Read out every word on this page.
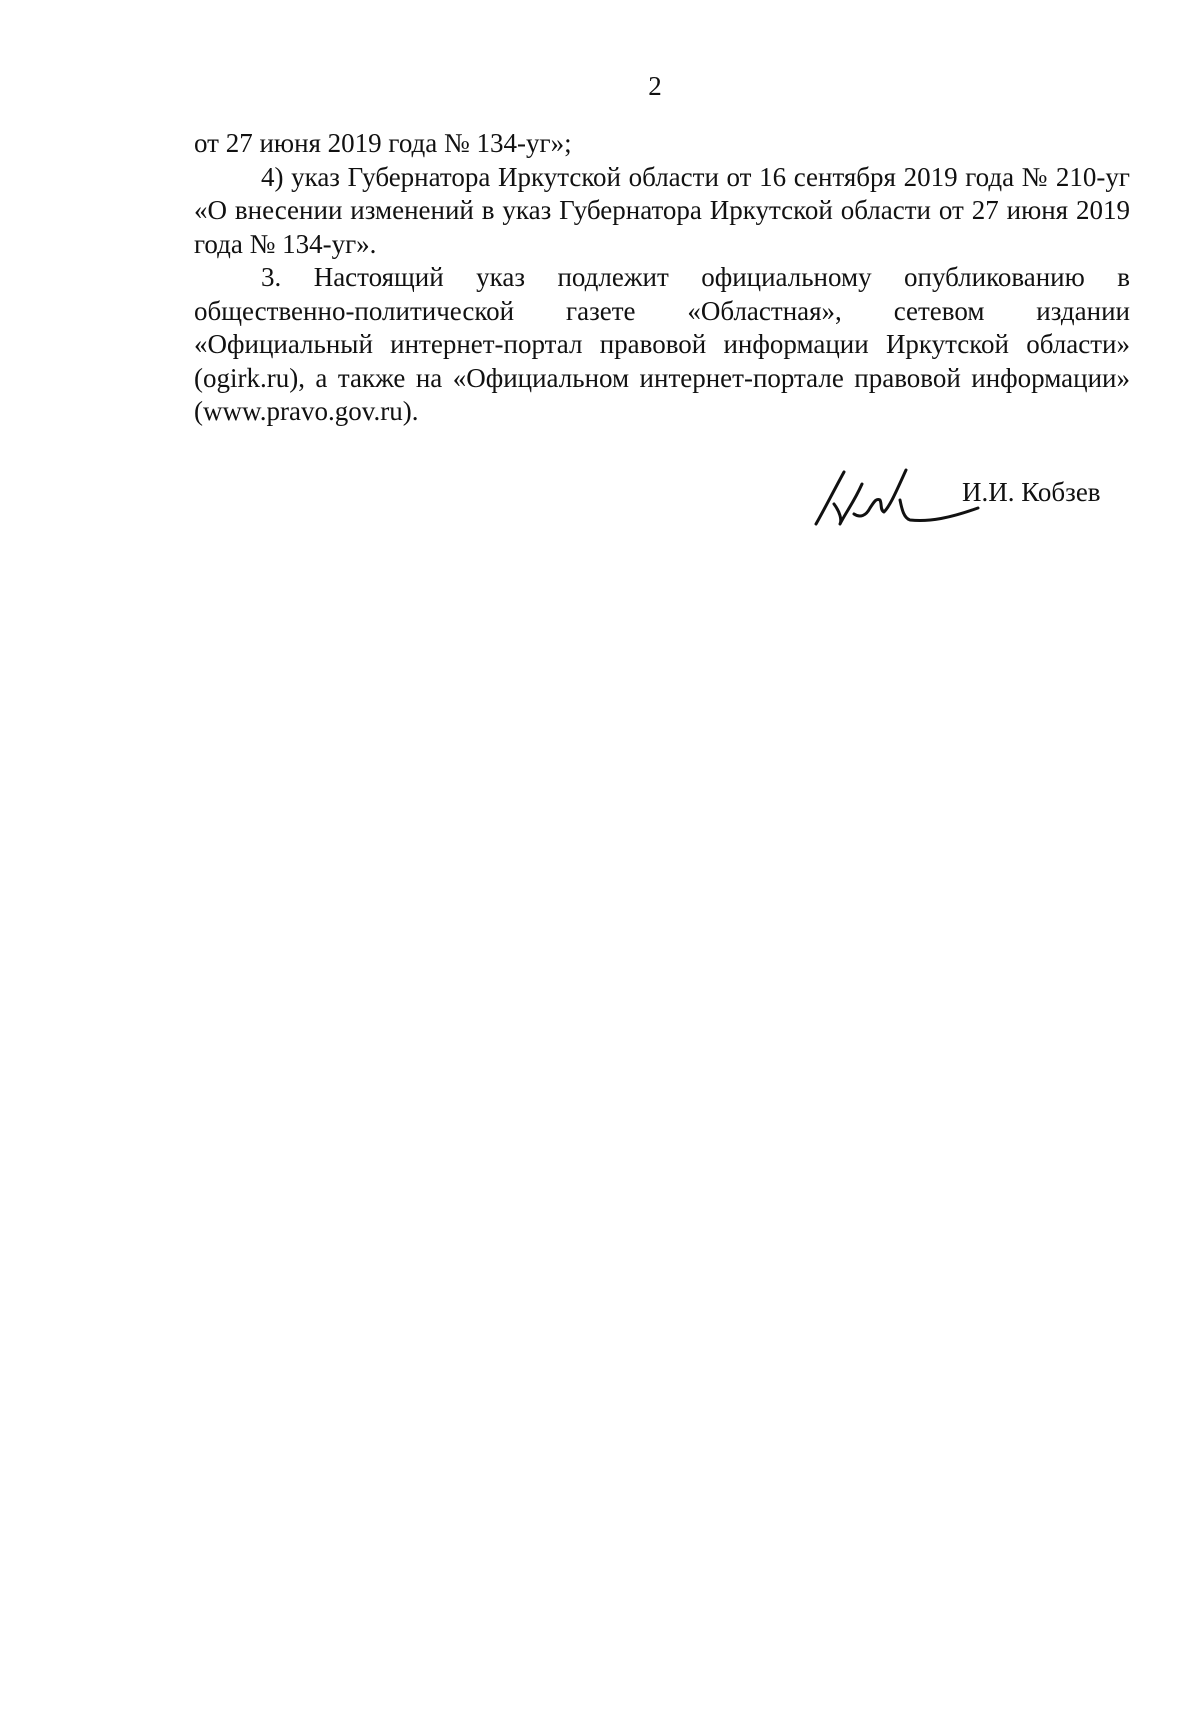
2

от 27 июня 2019 года № 134-уг»;

4) указ Губернатора Иркутской области от 16 сентября 2019 года № 210-уг «О внесении изменений в указ Губернатора Иркутской области от 27 июня 2019 года № 134-уг».

3. Настоящий указ подлежит официальному опубликованию в общественно-политической газете «Областная», сетевом издании «Официальный интернет-портал правовой информации Иркутской области» (ogirk.ru), а также на «Официальном интернет-портале правовой информации» (www.pravo.gov.ru).

И.И. Кобзев
